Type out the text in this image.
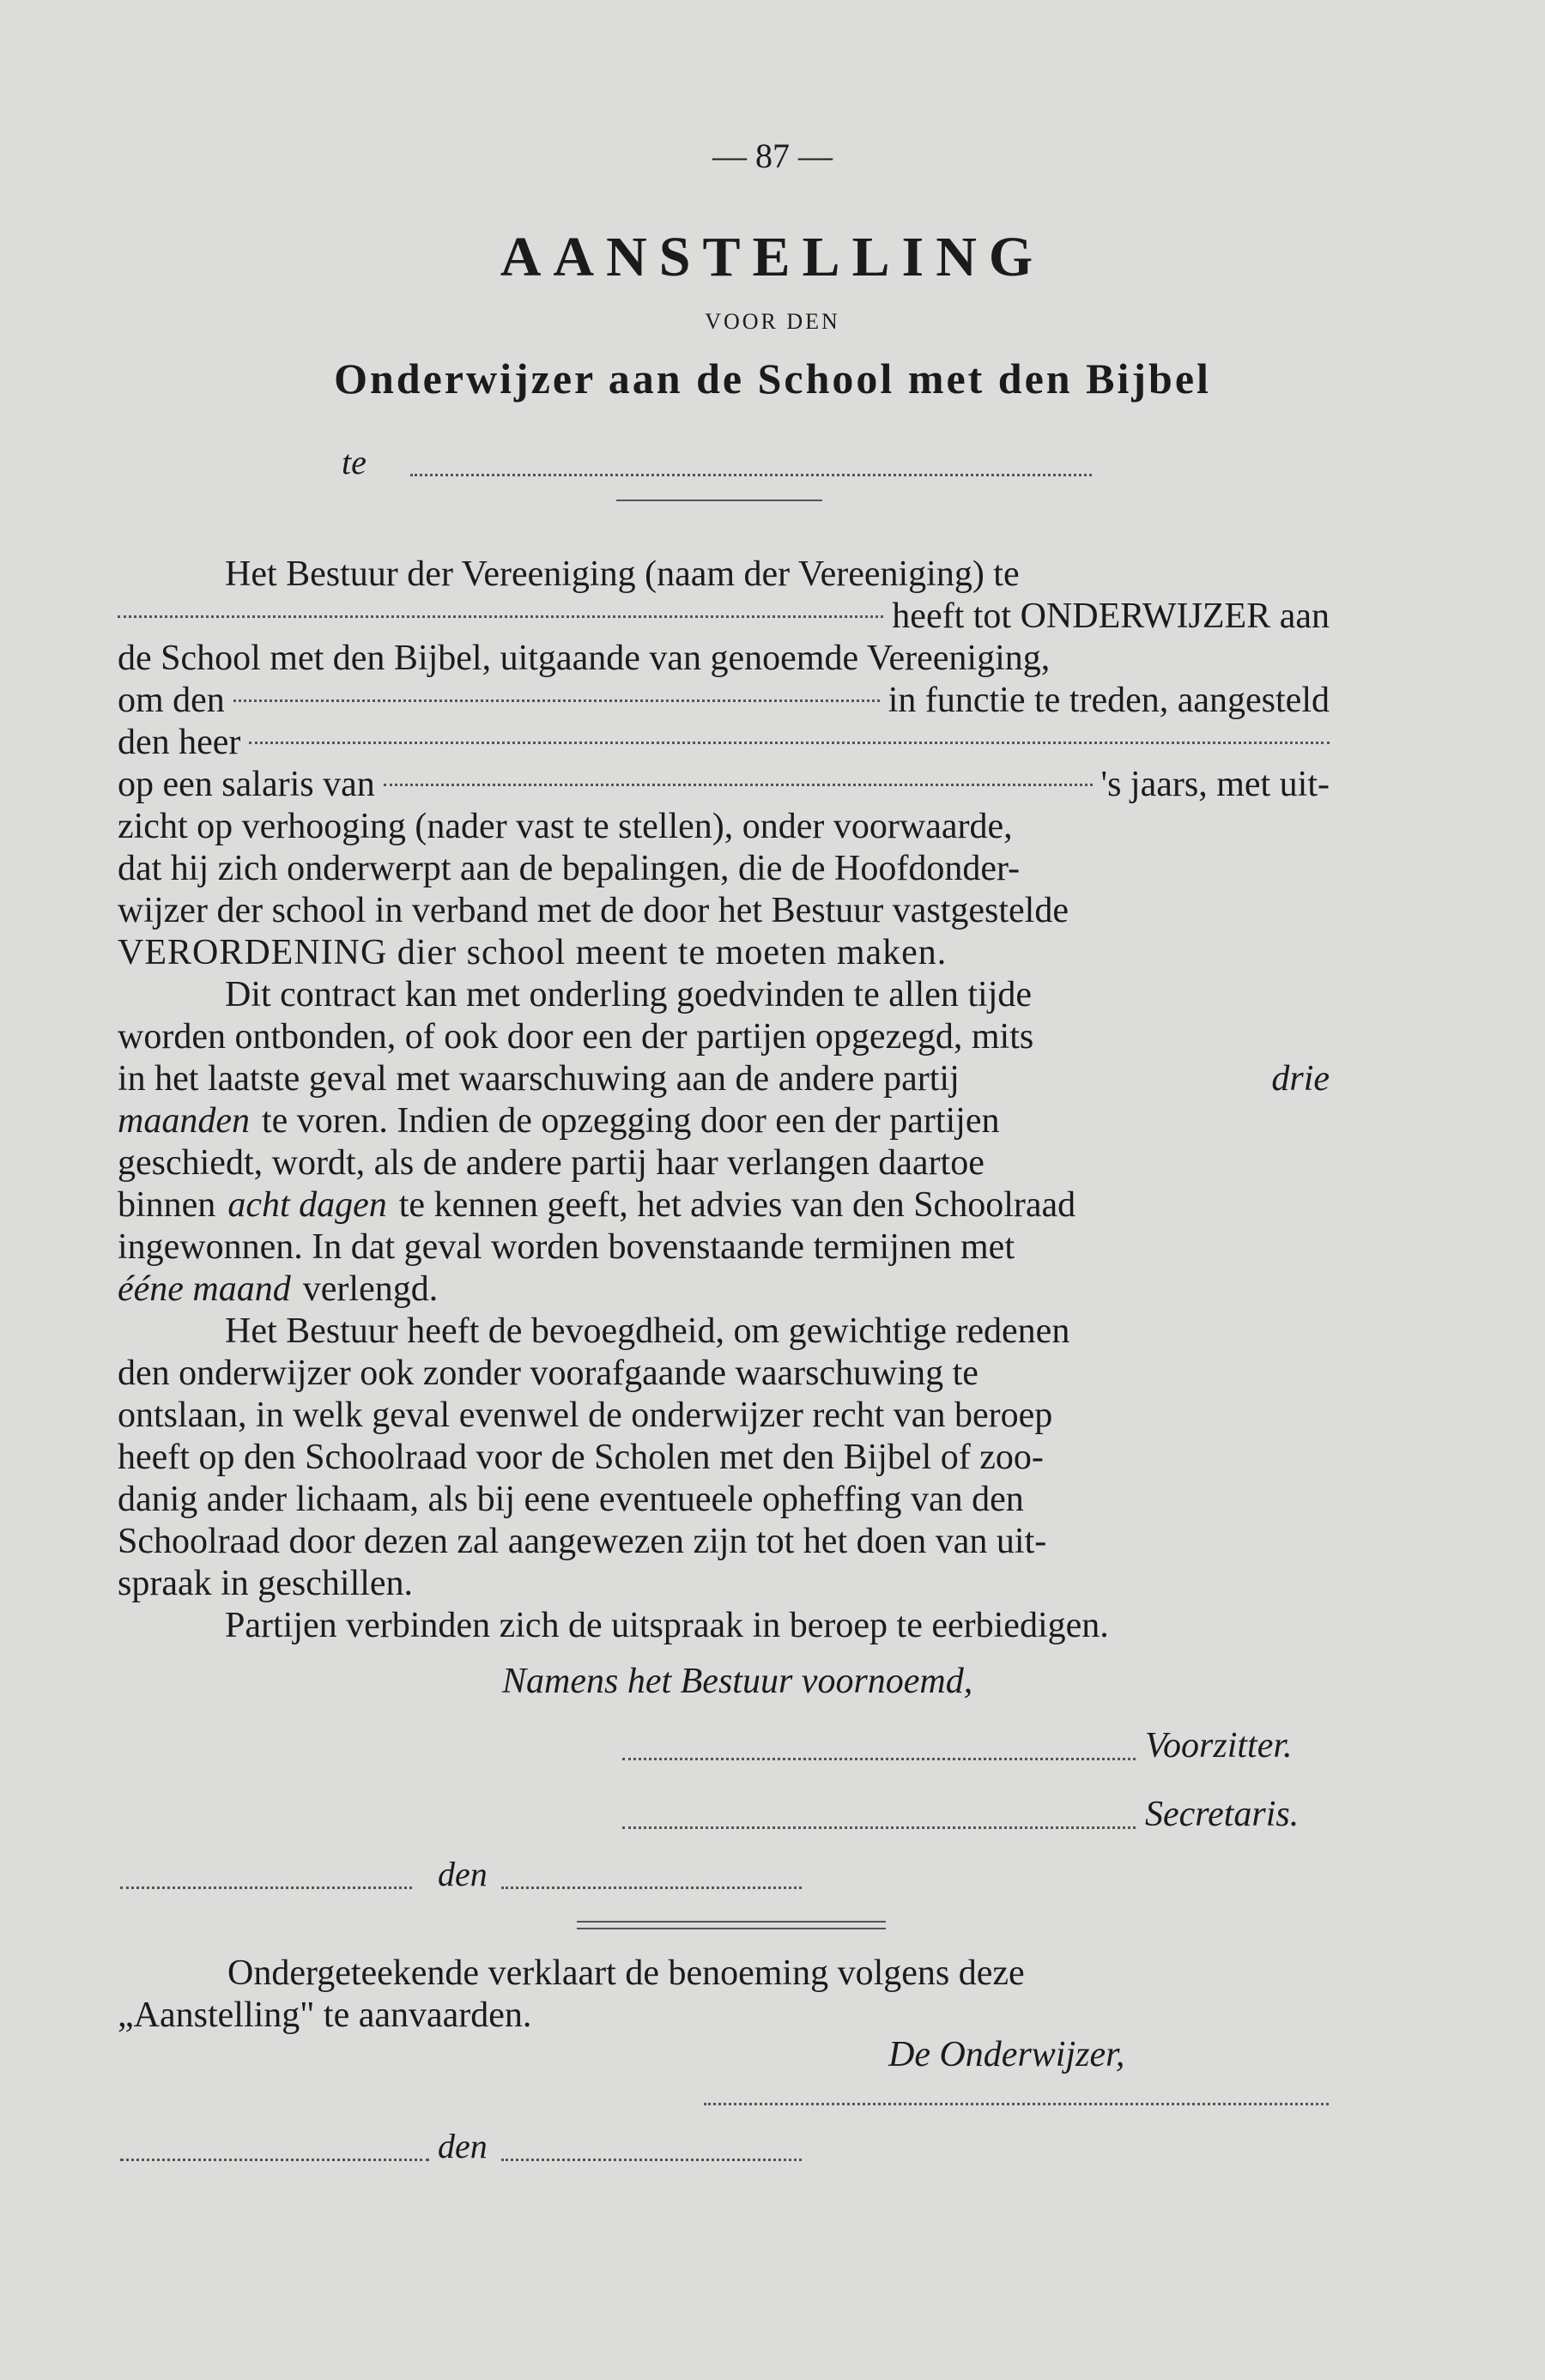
— 87 —
AANSTELLING
VOOR DEN
Onderwijzer aan de School met den Bijbel
te
Het Bestuur der Vereeniging (naam der Vereeniging) te
heeft tot ONDERWIJZER aan
de School met den Bijbel, uitgaande van genoemde Vereeniging,
om den	in functie te treden, aangesteld
den heer
op een salaris van	's jaars, met uit-
zicht op verhooging (nader vast te stellen), onder voorwaarde,
dat hij zich onderwerpt aan de bepalingen, die de Hoofdonder-
wijzer der school in verband met de door het Bestuur vastgestelde
VERORDENING dier school meent te moeten maken.
Dit contract kan met onderling goedvinden te allen tijde
worden ontbonden, of ook door een der partijen opgezegd, mits
in het laatste geval met waarschuwing aan de andere partij	drie
maanden te voren. Indien de opzegging door een der partijen
geschiedt, wordt, als de andere partij haar verlangen daartoe
binnen acht dagen te kennen geeft, het advies van den Schoolraad
ingewonnen. In dat geval worden bovenstaande termijnen met
ééne maand verlengd.
Het Bestuur heeft de bevoegdheid, om gewichtige redenen
den onderwijzer ook zonder voorafgaande waarschuwing te
ontslaan, in welk geval evenwel de onderwijzer recht van beroep
heeft op den Schoolraad voor de Scholen met den Bijbel of zoo-
danig ander lichaam, als bij eene eventueele opheffing van den
Schoolraad door dezen zal aangewezen zijn tot het doen van uit-
spraak in geschillen.
Partijen verbinden zich de uitspraak in beroep te eerbiedigen.
Namens het Bestuur voornoemd,
Voorzitter.
Secretaris.
den
Ondergeteekende verklaart de benoeming volgens deze
„Aanstelling" te aanvaarden.
De Onderwijzer,
den
